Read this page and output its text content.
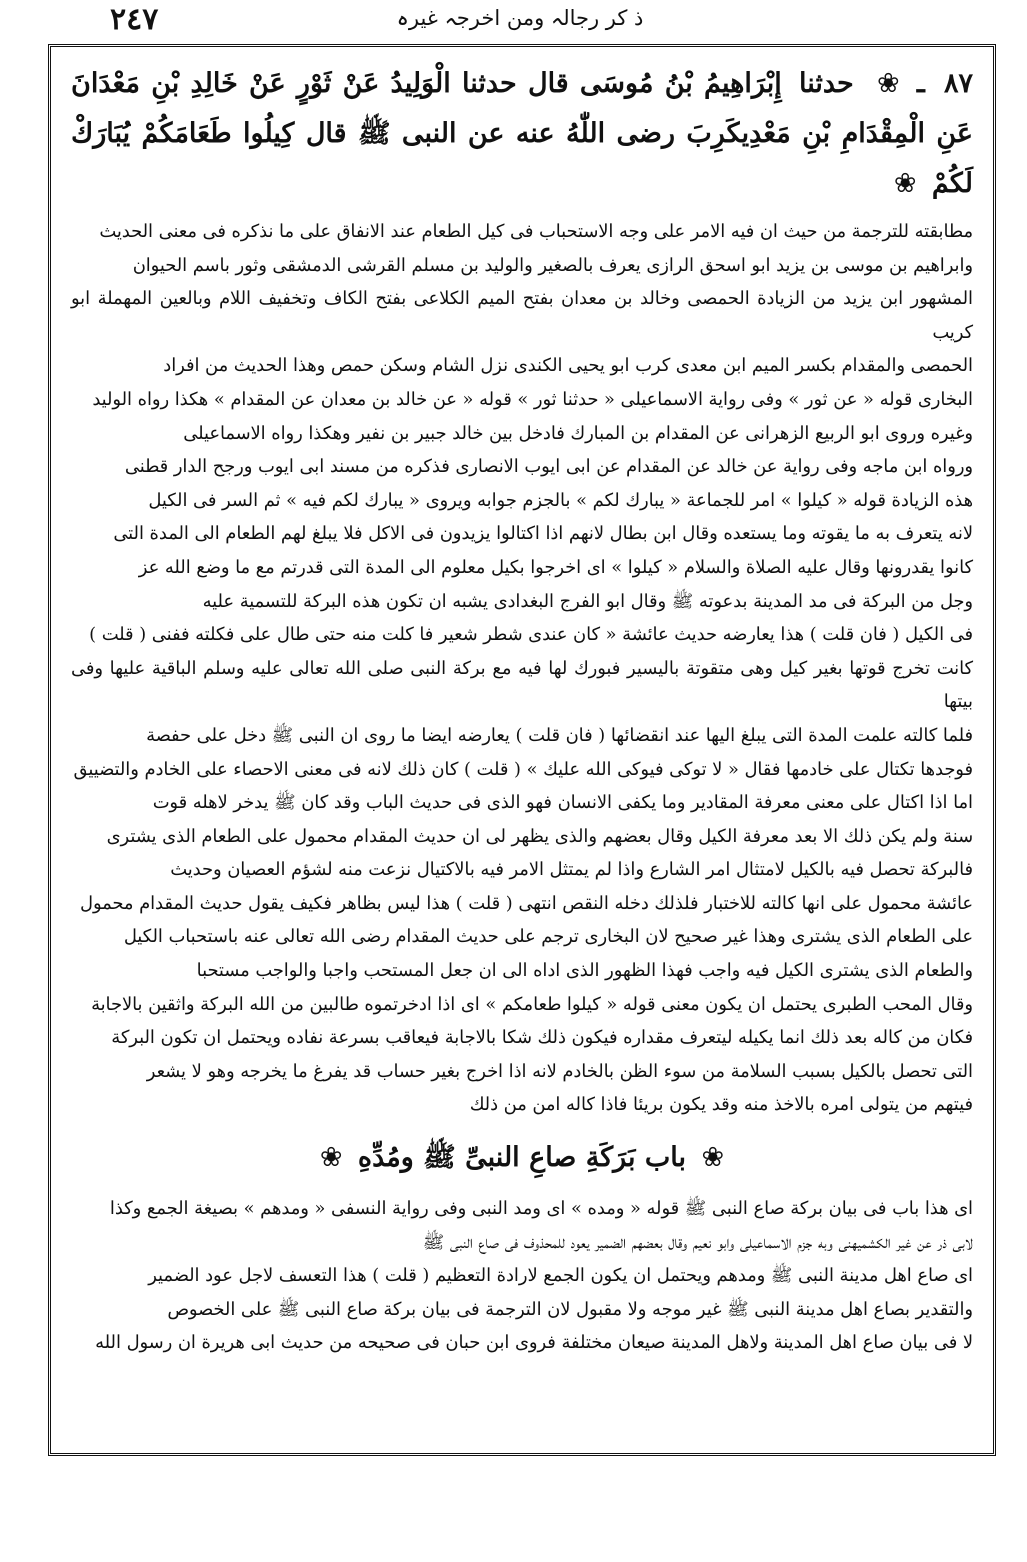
٢٤٧	ذ کر رجالہ ومن اخرجہ غیرہ

٨٧ ـ ❀ حدثنا إِبْرَاهِيمُ بْنُ مُوسَى قال حدثنا الْوَلِيدُ عَنْ ثَوْرٍ عَنْ خَالِدِ بْنِ مَعْدَانَ عَنِ الْمِقْدَامِ بْنِ مَعْدِيكَرِبَ رضى اللّٰهُ عنه عن النبى ﷺ قال كِيلُوا طَعَامَكُمْ يُبَارَكْ لَكُمْ ❀

مطابقته للترجمة من حيث ان فيه الامر على وجه الاستحباب فى كيل الطعام عند الانفاق على ما نذكره فى معنى الحديث

وابراهيم بن موسى بن يزيد ابو اسحق الرازى يعرف بالصغير والوليد بن مسلم القرشى الدمشقى وثور باسم الحيوان

المشهور ابن يزيد من الزيادة الحمصى وخالد بن معدان بفتح الميم الكلاعى بفتح الكاف وتخفيف اللام وبالعين المهملة ابو كريب

الحمصى والمقدام بكسر الميم ابن معدى كرب ابو يحيى الكندى نزل الشام وسكن حمص وهذا الحديث من افراد

البخارى قوله « عن ثور » وفى رواية الاسماعيلى « حدثنا ثور » قوله « عن خالد بن معدان عن المقدام » هكذا رواه الوليد

وغيره وروى ابو الربيع الزهرانى عن المقدام بن المبارك فادخل بين خالد جبير بن نفير وهكذا رواه الاسماعيلى

ورواه ابن ماجه وفى رواية عن خالد عن المقدام عن ابى ايوب الانصارى فذكره من مسند ابى ايوب ورجح الدار قطنى

هذه الزيادة قوله « كيلوا » امر للجماعة « يبارك لكم » بالجزم جوابه ويروى « يبارك لكم فيه » ثم السر فى الكيل

لانه يتعرف به ما يقوته وما يستعده وقال ابن بطال لانهم اذا اكتالوا يزيدون فى الاكل فلا يبلغ لهم الطعام الى المدة التى

كانوا يقدرونها وقال عليه الصلاة والسلام « كيلوا » اى اخرجوا بكيل معلوم الى المدة التى قدرتم مع ما وضع الله عز

وجل من البركة فى مد المدينة بدعوته ﷺ وقال ابو الفرج البغدادى يشبه ان تكون هذه البركة للتسمية عليه

فى الكيل ( فان قلت ) هذا يعارضه حديث عائشة « كان عندى شطر شعير فا كلت منه حتى طال على فكلته ففنى ( قلت )

كانت تخرج قوتها بغير كيل وهى متقوتة باليسير فبورك لها فيه مع بركة النبى صلى الله تعالى عليه وسلم الباقية عليها وفى بيتها

فلما كالته علمت المدة التى يبلغ اليها عند انقضائها ( فان قلت ) يعارضه ايضا ما روى ان النبى ﷺ دخل على حفصة

فوجدها تكتال على خادمها فقال « لا توكى فيوكى الله عليك » ( قلت ) كان ذلك لانه فى معنى الاحصاء على الخادم والتضييق

اما اذا اكتال على معنى معرفة المقادير وما يكفى الانسان فهو الذى فى حديث الباب وقد كان ﷺ يدخر لاهله قوت

سنة ولم يكن ذلك الا بعد معرفة الكيل وقال بعضهم والذى يظهر لى ان حديث المقدام محمول على الطعام الذى يشترى

فالبركة تحصل فيه بالكيل لامتثال امر الشارع واذا لم يمتثل الامر فيه بالاكتيال نزعت منه لشؤم العصيان وحديث

عائشة محمول على انها كالته للاختبار فلذلك دخله النقص انتهى ( قلت ) هذا ليس بظاهر فكيف يقول حديث المقدام محمول

على الطعام الذى يشترى وهذا غير صحيح لان البخارى ترجم على حديث المقدام رضى الله تعالى عنه باستحباب الكيل

والطعام الذى يشترى الكيل فيه واجب فهذا الظهور الذى اداه الى ان جعل المستحب واجبا والواجب مستحبا

وقال المحب الطبرى يحتمل ان يكون معنى قوله « كيلوا طعامكم » اى اذا ادخرتموه طالبين من الله البركة واثقين بالاجابة

فكان من كاله بعد ذلك انما يكيله ليتعرف مقداره فيكون ذلك شكا بالاجابة فيعاقب بسرعة نفاده ويحتمل ان تكون البركة

التى تحصل بالكيل بسبب السلامة من سوء الظن بالخادم لانه اذا اخرج بغير حساب قد يفرغ ما يخرجه وهو لا يشعر

فيتهم من يتولى امره بالاخذ منه وقد يكون بريئا فاذا كاله امن من ذلك

❀ باب بَرَكَةِ صاعِ النبىِّ ﷺ ومُدِّهِ ❀

اى هذا باب فى بيان بركة صاع النبى ﷺ قوله « ومده » اى ومد النبى وفى رواية النسفى « ومدهم » بصيغة الجمع وكذا

لابى ذر عن غير الكشميهنى وبه جزم الاسماعيلى وابو نعيم وقال بعضهم الضمير يعود للمحذوف فى صاع النبى ﷺ

اى صاع اهل مدينة النبى ﷺ ومدهم ويحتمل ان يكون الجمع لارادة التعظيم ( قلت ) هذا التعسف لاجل عود الضمير

والتقدير بصاع اهل مدينة النبى ﷺ غير موجه ولا مقبول لان الترجمة فى بيان بركة صاع النبى ﷺ على الخصوص

لا فى بيان صاع اهل المدينة ولاهل المدينة صيعان مختلفة فروى ابن حبان فى صحيحه من حديث ابى هريرة ان رسول الله
